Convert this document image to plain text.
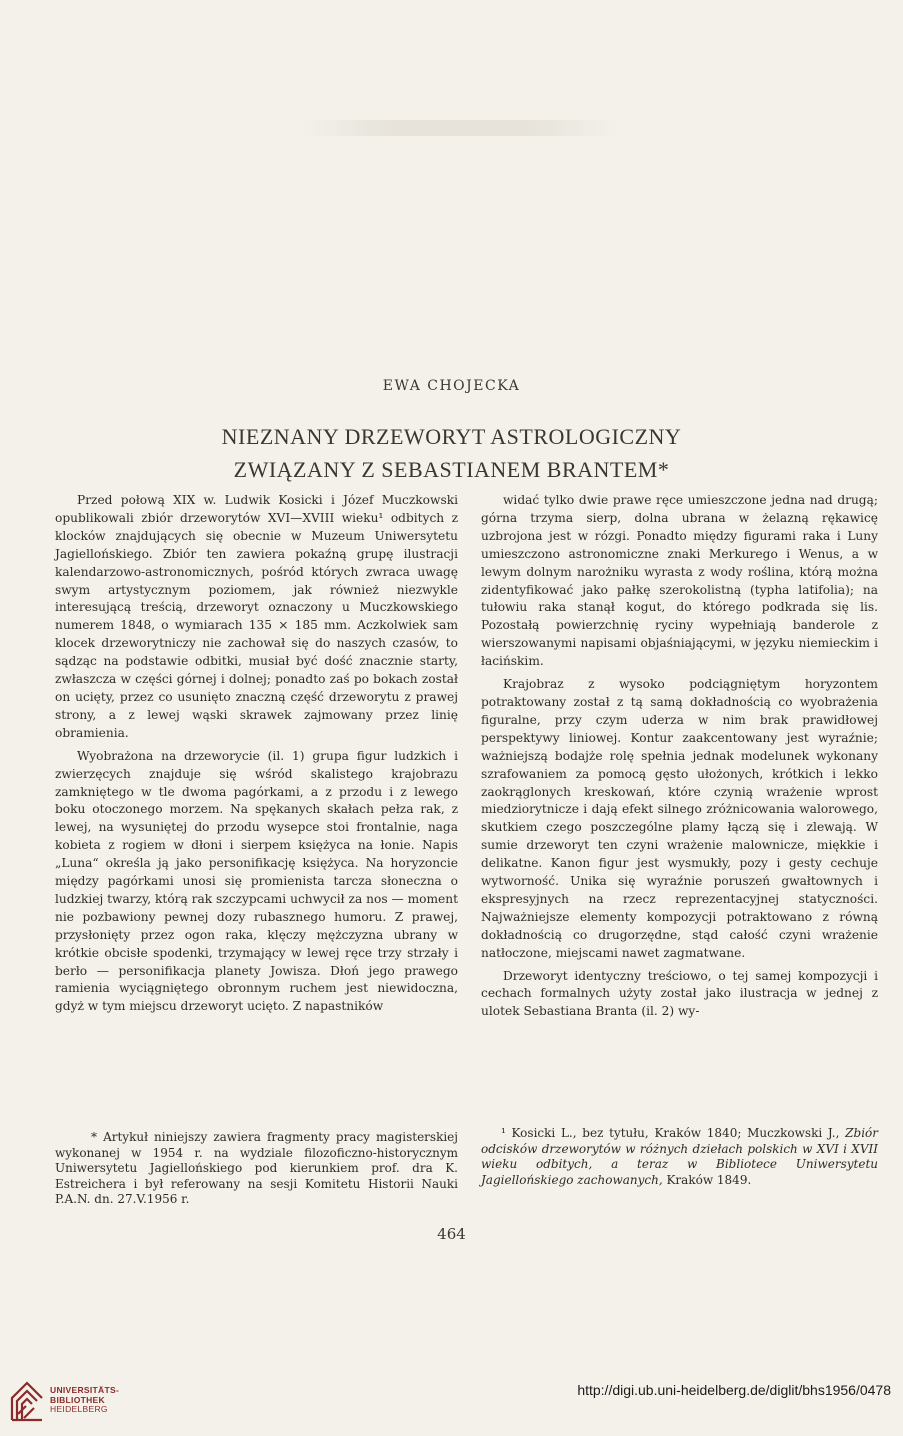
EWA CHOJECKA
NIEZNANY DRZEWORYT ASTROLOGICZNY
ZWIĄZANY Z SEBASTIANEM BRANTEM*

Przed połową XIX w. Ludwik Kosicki i Józef Muczkowski opublikowali zbiór drzeworytów XVI—XVIII wieku¹ odbitych z klocków znajdujących się obecnie w Muzeum Uniwersytetu Jagiellońskiego. Zbiór ten zawiera pokaźną grupę ilustracji kalendarzowo-astronomicznych, pośród których zwraca uwagę swym artystycznym poziomem, jak również niezwykle interesującą treścią, drzeworyt oznaczony u Muczkowskiego numerem 1848, o wymiarach 135 × 185 mm. Aczkolwiek sam klocek drzeworytniczy nie zachował się do naszych czasów, to sądząc na podstawie odbitki, musiał być dość znacznie starty, zwłaszcza w części górnej i dolnej; ponadto zaś po bokach został on ucięty, przez co usunięto znaczną część drzeworytu z prawej strony, a z lewej wąski skrawek zajmowany przez linię obramienia.

Wyobrażona na drzeworycie (il. 1) grupa figur ludzkich i zwierzęcych znajduje się wśród skalistego krajobrazu zamkniętego w tle dwoma pagórkami, a z przodu i z lewego boku otoczonego morzem. Na spękanych skałach pełza rak, z lewej, na wysuniętej do przodu wysepce stoi frontalnie, naga kobieta z rogiem w dłoni i sierpem księżyca na łonie. Napis „Luna“ określa ją jako personifikację księżyca. Na horyzoncie między pagórkami unosi się promienista tarcza słoneczna o ludzkiej twarzy, którą rak szczypcami uchwycił za nos — moment nie pozbawiony pewnej dozy rubasznego humoru. Z prawej, przysłonięty przez ogon raka, klęczy mężczyzna ubrany w krótkie obcisłe spodenki, trzymający w lewej ręce trzy strzały i berło — personifikacja planety Jowisza. Dłoń jego prawego ramienia wyciągniętego obronnym ruchem jest niewidoczna, gdyż w tym miejscu drzeworyt ucięto. Z napastników

widać tylko dwie prawe ręce umieszczone jedna nad drugą; górna trzyma sierp, dolna ubrana w żelazną rękawicę uzbrojona jest w rózgi. Ponadto między figurami raka i Luny umieszczono astronomiczne znaki Merkurego i Wenus, a w lewym dolnym narożniku wyrasta z wody roślina, którą można zidentyfikować jako pałkę szerokolistną (typha latifolia); na tułowiu raka stanął kogut, do którego podkrada się lis. Pozostałą powierzchnię ryciny wypełniają banderole z wierszowanymi napisami objaśniającymi, w języku niemieckim i łacińskim.

Krajobraz z wysoko podciągniętym horyzontem potraktowany został z tą samą dokładnością co wyobrażenia figuralne, przy czym uderza w nim brak prawidłowej perspektywy liniowej. Kontur zaakcentowany jest wyraźnie; ważniejszą bodajże rolę spełnia jednak modelunek wykonany szrafowaniem za pomocą gęsto ułożonych, krótkich i lekko zaokrąglonych kreskowań, które czynią wrażenie wprost miedziorytnicze i dają efekt silnego zróżnicowania walorowego, skutkiem czego poszczególne plamy łączą się i zlewają. W sumie drzeworyt ten czyni wrażenie malownicze, miękkie i delikatne. Kanon figur jest wysmukły, pozy i gesty cechuje wytworność. Unika się wyraźnie poruszeń gwałtownych i ekspresyjnych na rzecz reprezentacyjnej statyczności. Najważniejsze elementy kompozycji potraktowano z równą dokładnością co drugorzędne, stąd całość czyni wrażenie natłoczone, miejscami nawet zagmatwane.

Drzeworyt identyczny treściowo, o tej samej kompozycji i cechach formalnych użyty został jako ilustracja w jednej z ulotek Sebastiana Branta (il. 2) wy-

* Artykuł niniejszy zawiera fragmenty pracy magisterskiej wykonanej w 1954 r. na wydziale filozoficzno-historycznym Uniwersytetu Jagiellońskiego pod kierunkiem prof. dra K. Estreichera i był referowany na sesji Komitetu Historii Nauki P.A.N. dn. 27.V.1956 r.
¹ Kosicki L., bez tytułu, Kraków 1840; Muczkowski J., Zbiór odcisków drzeworytów w różnych dziełach polskich w XVI i XVII wieku odbitych, a teraz w Bibliotece Uniwersytetu Jagiellońskiego zachowanych, Kraków 1849.
464
UNIVERSITÄTS-
BIBLIOTHEK
HEIDELBERG
http://digi.ub.uni-heidelberg.de/diglit/bhs1956/0478
